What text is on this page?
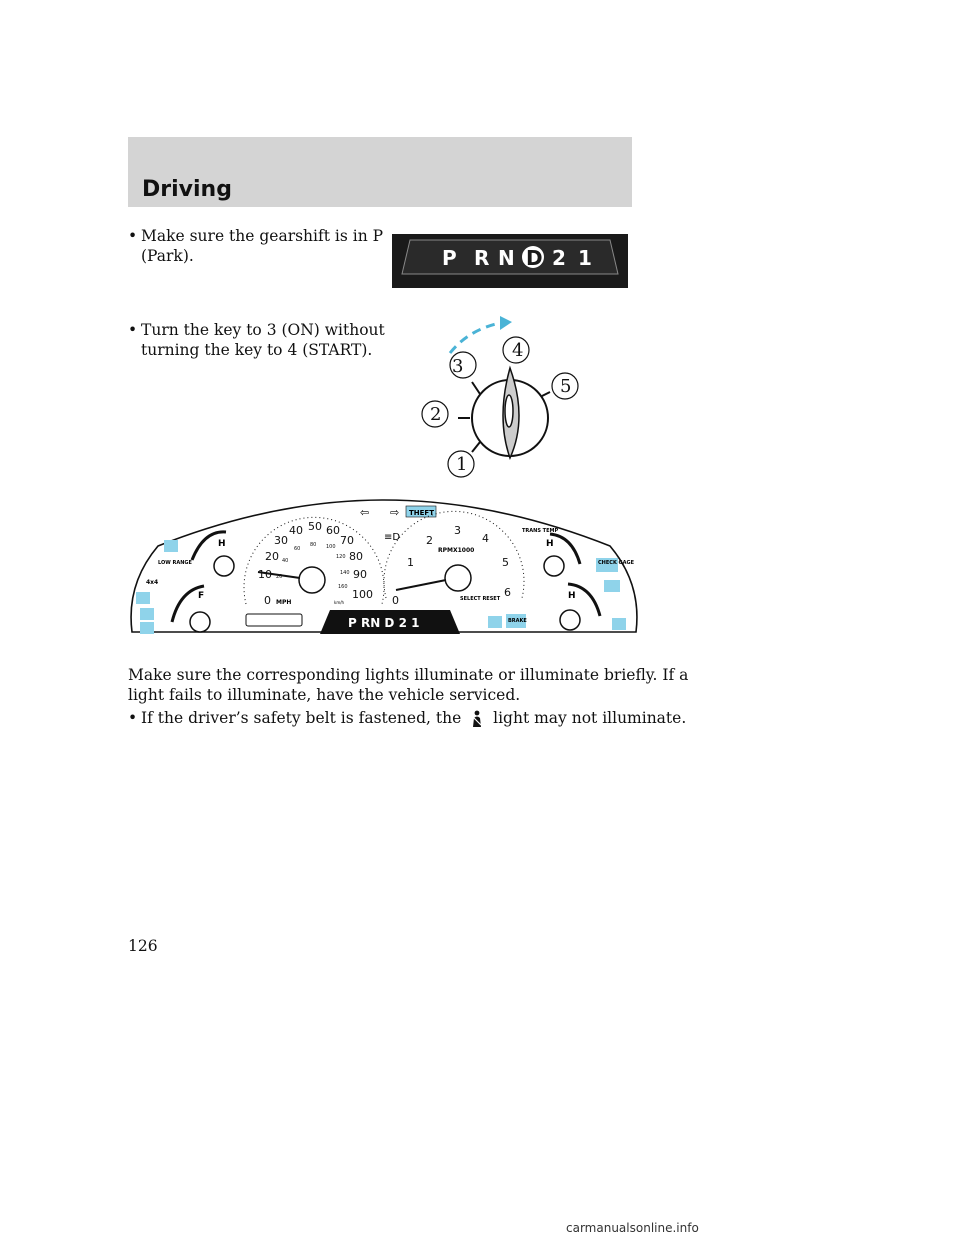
Driving
• Make sure the gearshift is in P
(Park).	P R N D 2 1
• Turn the key to 3 (ON) without
turning the key to 4 (START).
1
2
3
4
5
THEFT
⇦ ⇨
0
10
20
30
40 50 60
70
80
90
100
20
40
60
80 100
120
140
160
MPH	km/h
≡D
0
1
2
3
4
5
6
RPMX1000
SELECT RESET
H
F
LOW RANGE
4x4
TRANS TEMP
H
H
CHECK GAGE
BRAKE
P RN D 2 1
Make sure the corresponding lights illuminate or illuminate briefly. If a
light fails to illuminate, have the vehicle serviced.
• If the driver’s safety belt is fastened, the light may not illuminate.
126
carmanualsonline.info
